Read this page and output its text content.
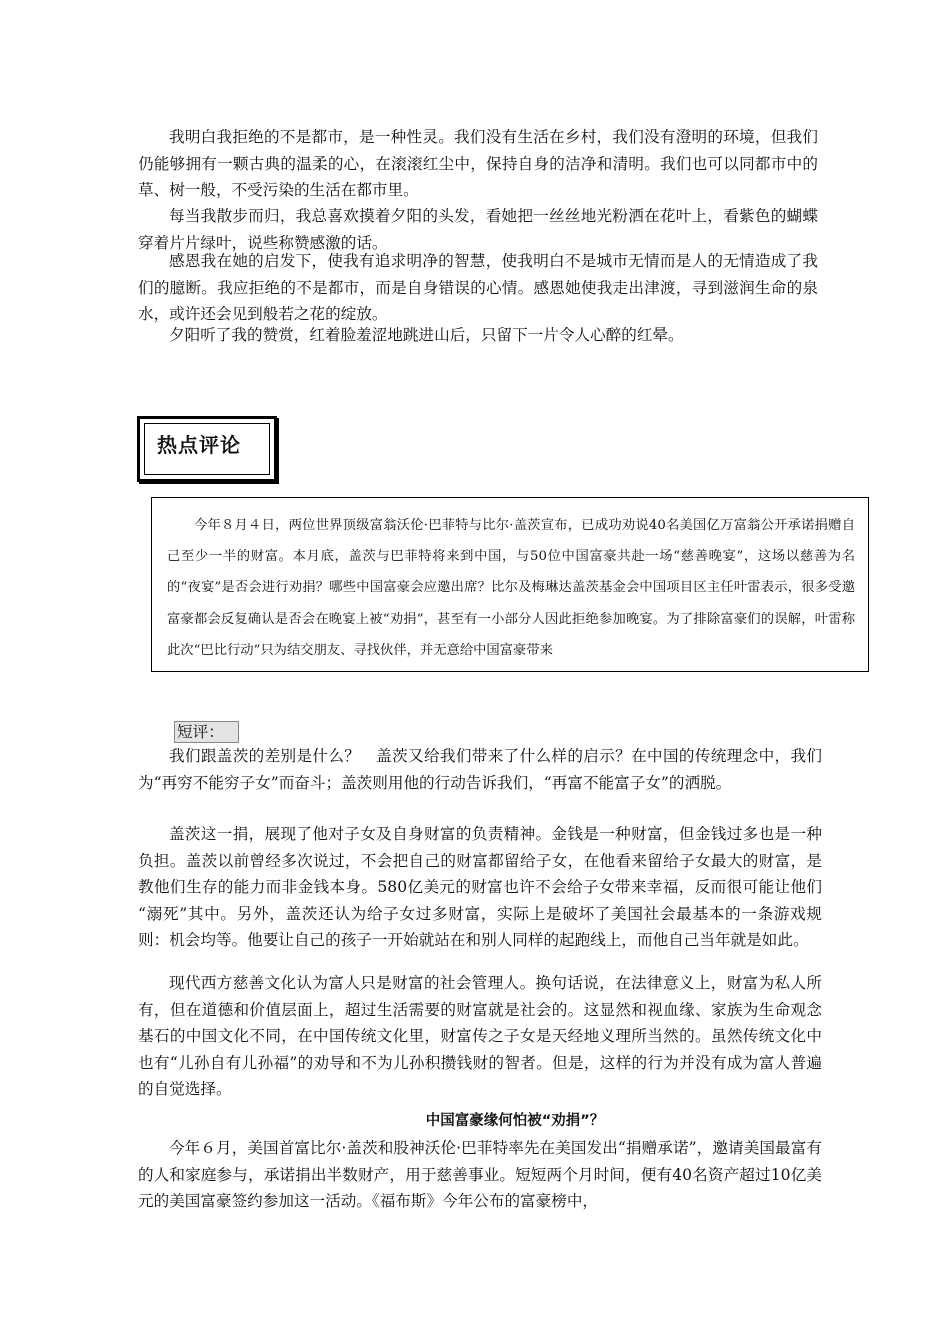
我明白我拒绝的不是都市，是一种性灵。我们没有生活在乡村，我们没有澄明的环境，但我们仍能够拥有一颗古典的温柔的心，在滚滚红尘中，保持自身的洁净和清明。我们也可以同都市中的草、树一般，不受污染的生活在都市里。

每当我散步而归，我总喜欢摸着夕阳的头发，看她把一丝丝地光粉洒在花叶上，看紫色的蝴蝶穿着片片绿叶，说些称赞感激的话。

感恩我在她的启发下，使我有追求明净的智慧，使我明白不是城市无情而是人的无情造成了我们的臆断。我应拒绝的不是都市，而是自身错误的心情。感恩她使我走出津渡，寻到滋润生命的泉水，或许还会见到般若之花的绽放。

夕阳听了我的赞赏，红着脸羞涩地跳进山后，只留下一片令人心醉的红晕。

热点评论

今年８月４日，两位世界顶级富翁沃伦·巴菲特与比尔·盖茨宣布，已成功劝说40名美国亿万富翁公开承诺捐赠自己至少一半的财富。本月底，盖茨与巴菲特将来到中国，与50位中国富豪共赴一场“慈善晚宴”，这场以慈善为名的“夜宴”是否会进行劝捐？哪些中国富豪会应邀出席？比尔及梅琳达盖茨基金会中国项目区主任叶雷表示，很多受邀富豪都会反复确认是否会在晚宴上被“劝捐”，甚至有一小部分人因此拒绝参加晚宴。为了排除富豪们的误解，叶雷称此次“巴比行动”只为结交朋友、寻找伙伴，并无意给中国富豪带来

短评：

我们跟盖茨的差别是什么？　盖茨又给我们带来了什么样的启示？在中国的传统理念中，我们为“再穷不能穷子女”而奋斗；盖茨则用他的行动告诉我们，“再富不能富子女”的洒脱。

盖茨这一捐，展现了他对子女及自身财富的负责精神。金钱是一种财富，但金钱过多也是一种负担。盖茨以前曾经多次说过，不会把自己的财富都留给子女，在他看来留给子女最大的财富，是教他们生存的能力而非金钱本身。580亿美元的财富也许不会给子女带来幸福，反而很可能让他们 “溺死”其中。另外，盖茨还认为给子女过多财富，实际上是破坏了美国社会最基本的一条游戏规则：机会均等。他要让自己的孩子一开始就站在和别人同样的起跑线上，而他自己当年就是如此。

现代西方慈善文化认为富人只是财富的社会管理人。换句话说，在法律意义上，财富为私人所有，但在道德和价值层面上，超过生活需要的财富就是社会的。这显然和视血缘、家族为生命观念基石的中国文化不同，在中国传统文化里，财富传之子女是天经地义理所当然的。虽然传统文化中也有“儿孙自有儿孙福”的劝导和不为儿孙积攒钱财的智者。但是，这样的行为并没有成为富人普遍的自觉选择。

中国富豪缘何怕被“劝捐”？

今年６月，美国首富比尔·盖茨和股神沃伦·巴菲特率先在美国发出“捐赠承诺”，邀请美国最富有的人和家庭参与，承诺捐出半数财产，用于慈善事业。短短两个月时间，便有40名资产超过10亿美元的美国富豪签约参加这一活动。《福布斯》今年公布的富豪榜中，
